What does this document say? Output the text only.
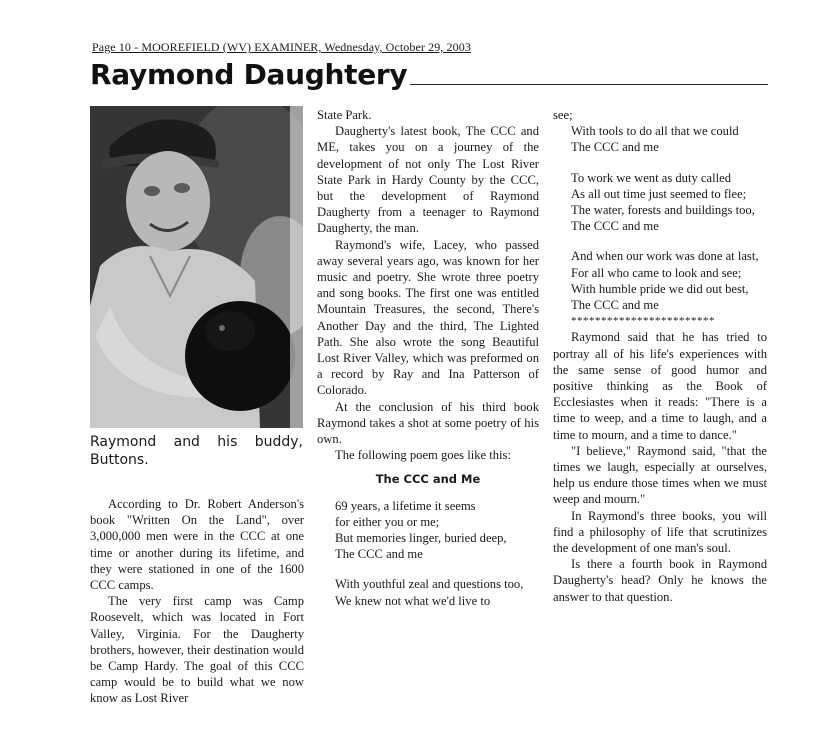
Page 10 - MOOREFIELD (WV) EXAMINER, Wednesday, October 29, 2003
Raymond Daughtery
Raymond and his buddy, Buttons.

According to Dr. Robert Anderson's book "Written On the Land", over 3,000,000 men were in the CCC at one time or another during its lifetime, and they were stationed in one of the 1600 CCC camps.

The very first camp was Camp Roosevelt, which was located in Fort Valley, Virginia. For the Daugherty brothers, however, their destination would be Camp Hardy. The goal of this CCC camp would be to build what we now know as Lost River

State Park.

Daugherty's latest book, The CCC and ME, takes you on a journey of the development of not only The Lost River State Park in Hardy County by the CCC, but the development of Raymond Daugherty from a teenager to Raymond Daugherty, the man.

Raymond's wife, Lacey, who passed away several years ago, was known for her music and poetry. She wrote three poetry and song books. The first one was entitled Mountain Treasures, the second, There's Another Day and the third, The Lighted Path. She also wrote the song Beautiful Lost River Valley, which was preformed on a record by Ray and Ina Patterson of Colorado.

At the conclusion of his third book Raymond takes a shot at some poetry of his own.

The following poem goes like this:

The CCC and Me
69 years, a lifetime it seems
for either you or me;
But memories linger, buried deep,
The CCC and me
With youthful zeal and questions too,
We knew not what we'd live to
see;
With tools to do all that we could
The CCC and me
To work we went as duty called
As all out time just seemed to flee;
The water, forests and buildings too,
The CCC and me
And when our work was done at last,
For all who came to look and see;
With humble pride we did out best,
The CCC and me
************************

Raymond said that he has tried to portray all of his life's experiences with the same sense of good humor and positive thinking as the Book of Ecclesiastes when it reads: "There is a time to weep, and a time to laugh, and a time to mourn, and a time to dance."

"I believe," Raymond said, "that the times we laugh, especially at ourselves, help us endure those times when we must weep and mourn."

In Raymond's three books, you will find a philosophy of life that scrutinizes the development of one man's soul.

Is there a fourth book in Raymond Daugherty's head? Only he knows the answer to that question.
